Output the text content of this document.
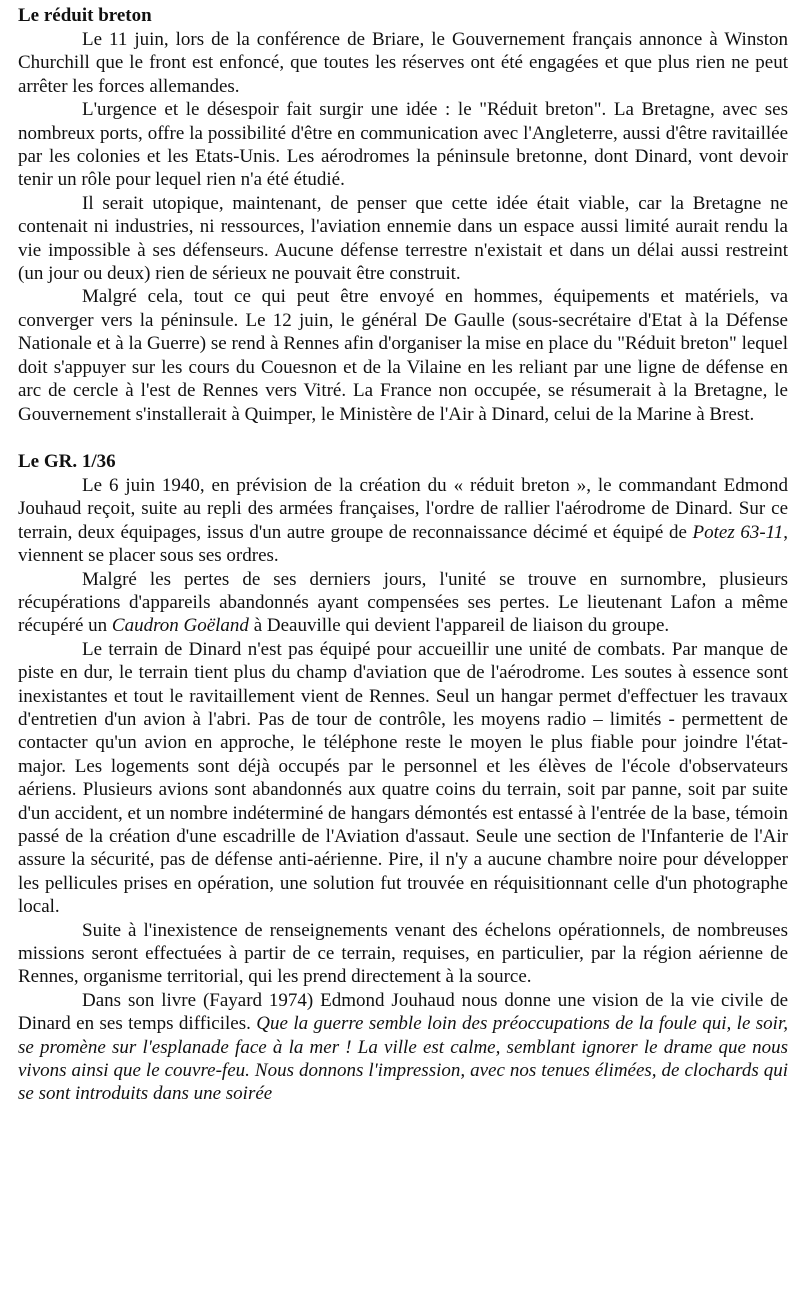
Le réduit breton

Le 11 juin, lors de la conférence de Briare, le Gouvernement français annonce à Winston Churchill que le front est enfoncé, que toutes les réserves ont été engagées et que plus rien ne peut arrêter les forces allemandes.

L'urgence et le désespoir fait surgir une idée : le "Réduit breton". La Bretagne, avec ses nombreux ports, offre la possibilité d'être en communication avec l'Angleterre, aussi d'être ravitaillée par les colonies et les Etats-Unis. Les aérodromes la péninsule bretonne, dont Dinard, vont devoir tenir un rôle pour lequel rien n'a été étudié.

Il serait utopique, maintenant, de penser que cette idée était viable, car la Bretagne ne contenait ni industries, ni ressources, l'aviation ennemie dans un espace aussi limité aurait rendu la vie impossible à ses défenseurs. Aucune défense terrestre n'existait et dans un délai aussi restreint (un jour ou deux) rien de sérieux ne pouvait être construit.

Malgré cela, tout ce qui peut être envoyé en hommes, équipements et matériels, va converger vers la péninsule. Le 12 juin, le général De Gaulle (sous-secrétaire d'Etat à la Défense Nationale et à la Guerre) se rend à Rennes afin d'organiser la mise en place du "Réduit breton" lequel doit s'appuyer sur les cours du Couesnon et de la Vilaine en les reliant par une ligne de défense en arc de cercle à l'est de Rennes vers Vitré. La France non occupée, se résumerait à la Bretagne, le Gouvernement s'installerait à Quimper, le Ministère de l'Air à Dinard, celui de la Marine à Brest.

Le GR. 1/36

Le 6 juin 1940, en prévision de la création du « réduit breton », le commandant Edmond Jouhaud reçoit, suite au repli des armées françaises, l'ordre de rallier l'aérodrome de Dinard. Sur ce terrain, deux équipages, issus d'un autre groupe de reconnaissance décimé et équipé de Potez 63-11, viennent se placer sous ses ordres.

Malgré les pertes de ses derniers jours, l'unité se trouve en surnombre, plusieurs récupérations d'appareils abandonnés ayant compensées ses pertes. Le lieutenant Lafon a même récupéré un Caudron Goëland à Deauville qui devient l'appareil de liaison du groupe.

Le terrain de Dinard n'est pas équipé pour accueillir une unité de combats. Par manque de piste en dur, le terrain tient plus du champ d'aviation que de l'aérodrome. Les soutes à essence sont inexistantes et tout le ravitaillement vient de Rennes. Seul un hangar permet d'effectuer les travaux d'entretien d'un avion à l'abri. Pas de tour de contrôle, les moyens radio – limités - permettent de contacter qu'un avion en approche, le téléphone reste le moyen le plus fiable pour joindre l'état-major. Les logements sont déjà occupés par le personnel et les élèves de l'école d'observateurs aériens. Plusieurs avions sont abandonnés aux quatre coins du terrain, soit par panne, soit par suite d'un accident, et un nombre indéterminé de hangars démontés est entassé à l'entrée de la base, témoin passé de la création d'une escadrille de l'Aviation d'assaut. Seule une section de l'Infanterie de l'Air assure la sécurité, pas de défense anti-aérienne. Pire, il n'y a aucune chambre noire pour développer les pellicules prises en opération, une solution fut trouvée en réquisitionnant celle d'un photographe local.

Suite à l'inexistence de renseignements venant des échelons opérationnels, de nombreuses missions seront effectuées à partir de ce terrain, requises, en particulier, par la région aérienne de Rennes, organisme territorial, qui les prend directement à la source.

Dans son livre (Fayard 1974) Edmond Jouhaud nous donne une vision de la vie civile de Dinard en ses temps difficiles. Que la guerre semble loin des préoccupations de la foule qui, le soir, se promène sur l'esplanade face à la mer ! La ville est calme, semblant ignorer le drame que nous vivons ainsi que le couvre-feu. Nous donnons l'impression, avec nos tenues élimées, de clochards qui se sont introduits dans une soirée
